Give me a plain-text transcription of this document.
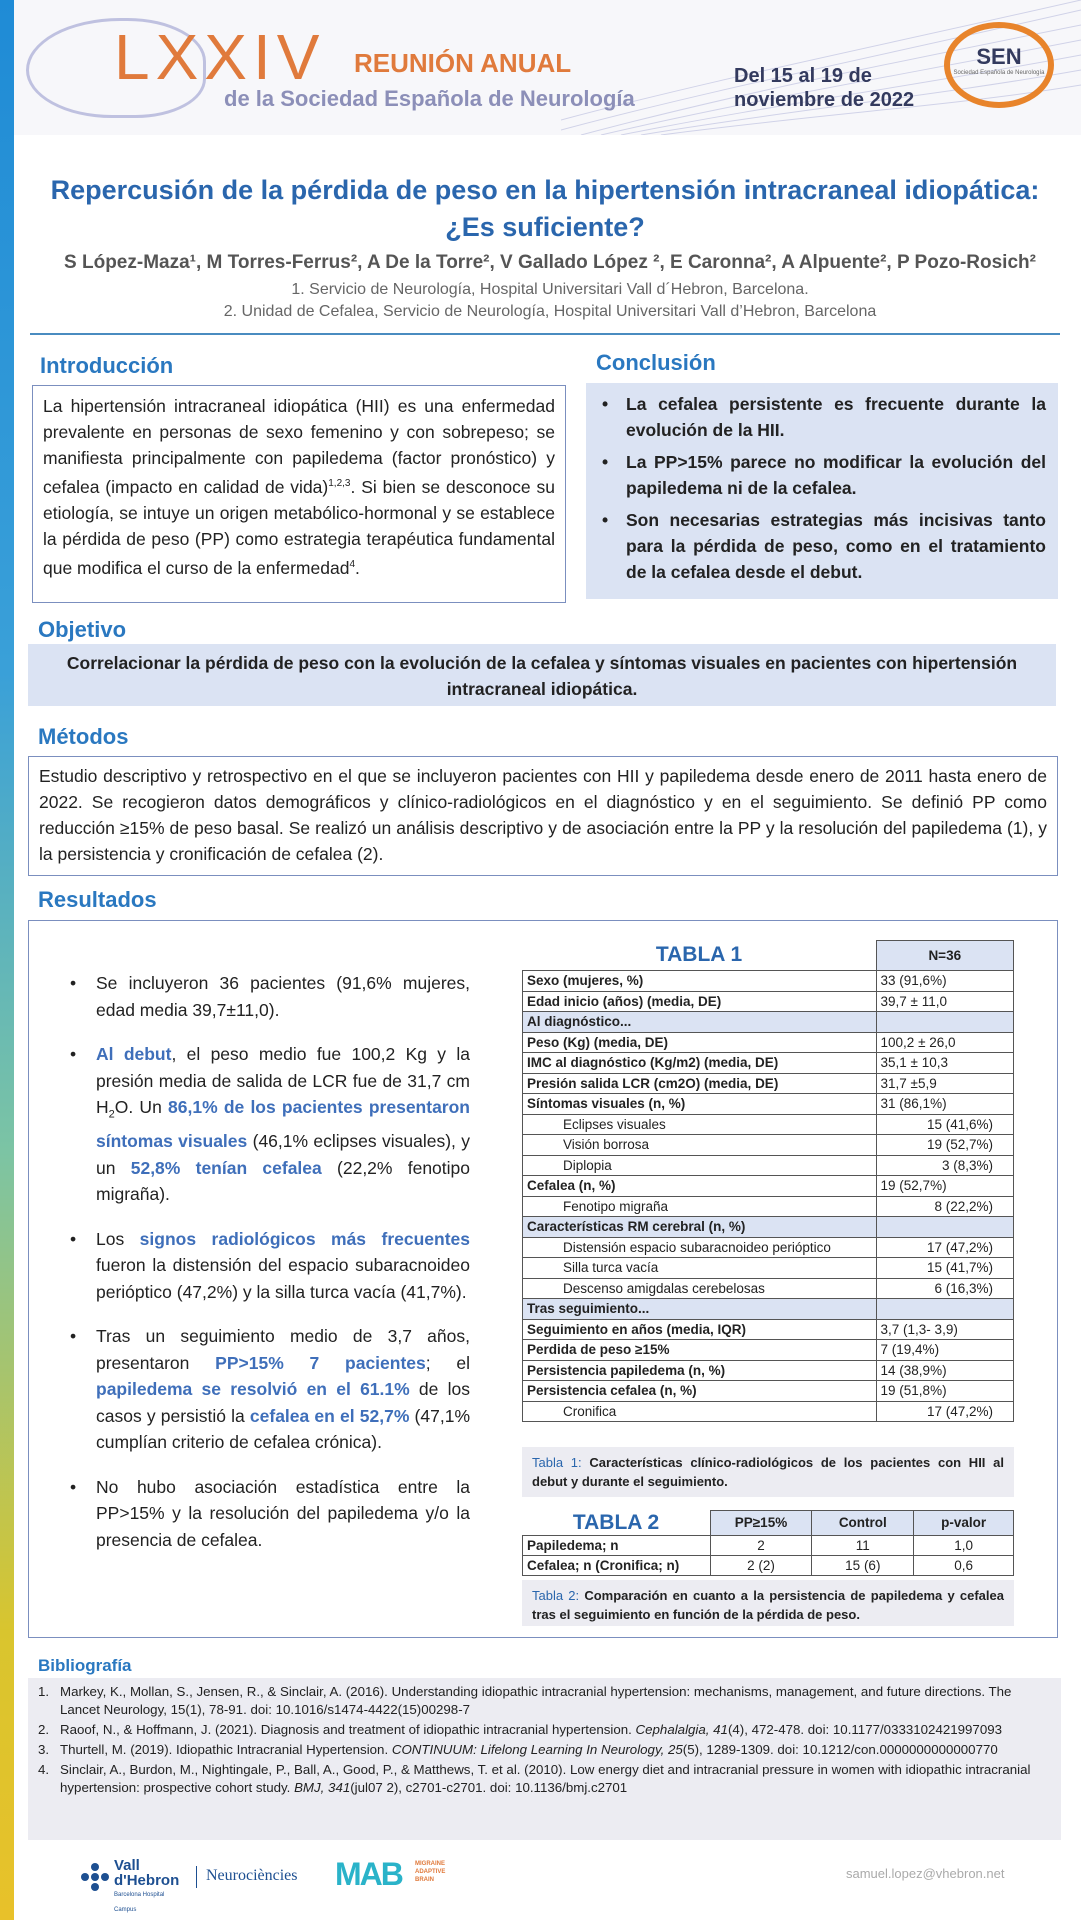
LXXIV REUNIÓN ANUAL
de la Sociedad Española de Neurología
Del 15 al 19 de
noviembre de 2022
SEN
Sociedad Española de Neurología
Repercusión de la pérdida de peso en la hipertensión intracraneal idiopática: ¿Es suficiente?
S López-Maza¹, M Torres-Ferrus², A De la Torre², V Gallado López ², E Caronna², A Alpuente², P Pozo-Rosich²
1. Servicio de Neurología, Hospital Universitari Vall d´Hebron, Barcelona.
2. Unidad de Cefalea, Servicio de Neurología, Hospital Universitari Vall d’Hebron, Barcelona
Introducción
La hipertensión intracraneal idiopática (HII) es una enfermedad prevalente en personas de sexo femenino y con sobrepeso; se manifiesta principalmente con papiledema (factor pronóstico) y cefalea (impacto en calidad de vida)$^{1,2,3}$. Si bien se desconoce su etiología, se intuye un origen metabólico-hormonal y se establece la pérdida de peso (PP) como estrategia terapéutica fundamental que modifica el curso de la enfermedad$^4$.
Conclusión
• La cefalea persistente es frecuente durante la evolución de la HII.
• La PP>15% parece no modificar la evolución del papiledema ni de la cefalea.
• Son necesarias estrategias más incisivas tanto para la pérdida de peso, como en el tratamiento de la cefalea desde el debut.
Objetivo
Correlacionar la pérdida de peso con la evolución de la cefalea y síntomas visuales en pacientes con hipertensión intracraneal idiopática.
Métodos
Estudio descriptivo y retrospectivo en el que se incluyeron pacientes con HII y papiledema desde enero de 2011 hasta enero de 2022. Se recogieron datos demográficos y clínico-radiológicos en el diagnóstico y en el seguimiento. Se definió PP como reducción ≥15% de peso basal. Se realizó un análisis descriptivo y de asociación entre la PP y la resolución del papiledema (1), y la persistencia y cronificación de cefalea (2).
Resultados
• Se incluyeron 36 pacientes (91,6% mujeres, edad media 39,7±11,0).
• Al debut, el peso medio fue 100,2 Kg y la presión media de salida de LCR fue de 31,7 cm $H_2O$. Un 86,1% de los pacientes presentaron síntomas visuales (46,1% eclipses visuales), y un 52,8% tenían cefalea (22,2% fenotipo migraña).
• Los signos radiológicos más frecuentes fueron la distensión del espacio subaracnoideo perióptico (47,2%) y la silla turca vacía (41,7%).
• Tras un seguimiento medio de 3,7 años, presentaron PP>15% 7 pacientes; el papiledema se resolvió en el 61.1% de los casos y persistió la cefalea en el 52,7% (47,1% cumplían criterio de cefalea crónica).
• No hubo asociación estadística entre la PP>15% y la resolución del papiledema y/o la presencia de cefalea.
TABLA 1	N=36
Sexo (mujeres, %)	33 (91,6%)
Edad inicio (años) (media, DE)	39,7 ± 11,0
Al diagnóstico...	
Peso (Kg) (media, DE)	100,2 ± 26,0
IMC al diagnóstico (Kg/m2) (media, DE)	35,1 ± 10,3
Presión salida LCR (cm2O) (media, DE)	31,7 ±5,9
Síntomas visuales (n, %)	31 (86,1%)
Eclipses visuales	15 (41,6%)
Visión borrosa	19 (52,7%)
Diplopia	3 (8,3%)
Cefalea (n, %)	19 (52,7%)
Fenotipo migraña	8 (22,2%)
Características RM cerebral (n, %)	
Distensión espacio subaracnoideo perióptico	17 (47,2%)
Silla turca vacía	15 (41,7%)
Descenso amigdalas cerebelosas	6 (16,3%)
Tras seguimiento...	
Seguimiento en años (media, IQR)	3,7 (1,3- 3,9)
Perdida de peso ≥15%	7 (19,4%)
Persistencia papiledema (n, %)	14 (38,9%)
Persistencia cefalea (n, %)	19 (51,8%)
Cronifica	17 (47,2%)
Tabla 1: Características clínico-radiológicos de los pacientes con HII al debut y durante el seguimiento.
TABLA 2	PP≥15%	Control	p-valor
Papiledema; n	2	11	1,0
Cefalea; n (Cronifica; n)	2 (2)	15 (6)	0,6
Tabla 2: Comparación en cuanto a la persistencia de papiledema y cefalea tras el seguimiento en función de la pérdida de peso.
Bibliografía
1. Markey, K., Mollan, S., Jensen, R., & Sinclair, A. (2016). Understanding idiopathic intracranial hypertension: mechanisms, management, and future directions. The Lancet Neurology, 15(1), 78-91. doi: 10.1016/s1474-4422(15)00298-7
2. Raoof, N., & Hoffmann, J. (2021). Diagnosis and treatment of idiopathic intracranial hypertension. Cephalalgia, 41(4), 472-478. doi: 10.1177/0333102421997093
3. Thurtell, M. (2019). Idiopathic Intracranial Hypertension. CONTINUUM: Lifelong Learning In Neurology, 25(5), 1289-1309. doi: 10.1212/con.0000000000000770
4. Sinclair, A., Burdon, M., Nightingale, P., Ball, A., Good, P., & Matthews, T. et al. (2010). Low energy diet and intracranial pressure in women with idiopathic intracranial hypertension: prospective cohort study. BMJ, 341(jul07 2), c2701-c2701. doi: 10.1136/bmj.c2701
Vall
d'Hebron
Barcelona Hospital Campus
Neurociències MAB MIGRAINE
ADAPTIVE
BRAIN	samuel.lopez@vhebron.net
